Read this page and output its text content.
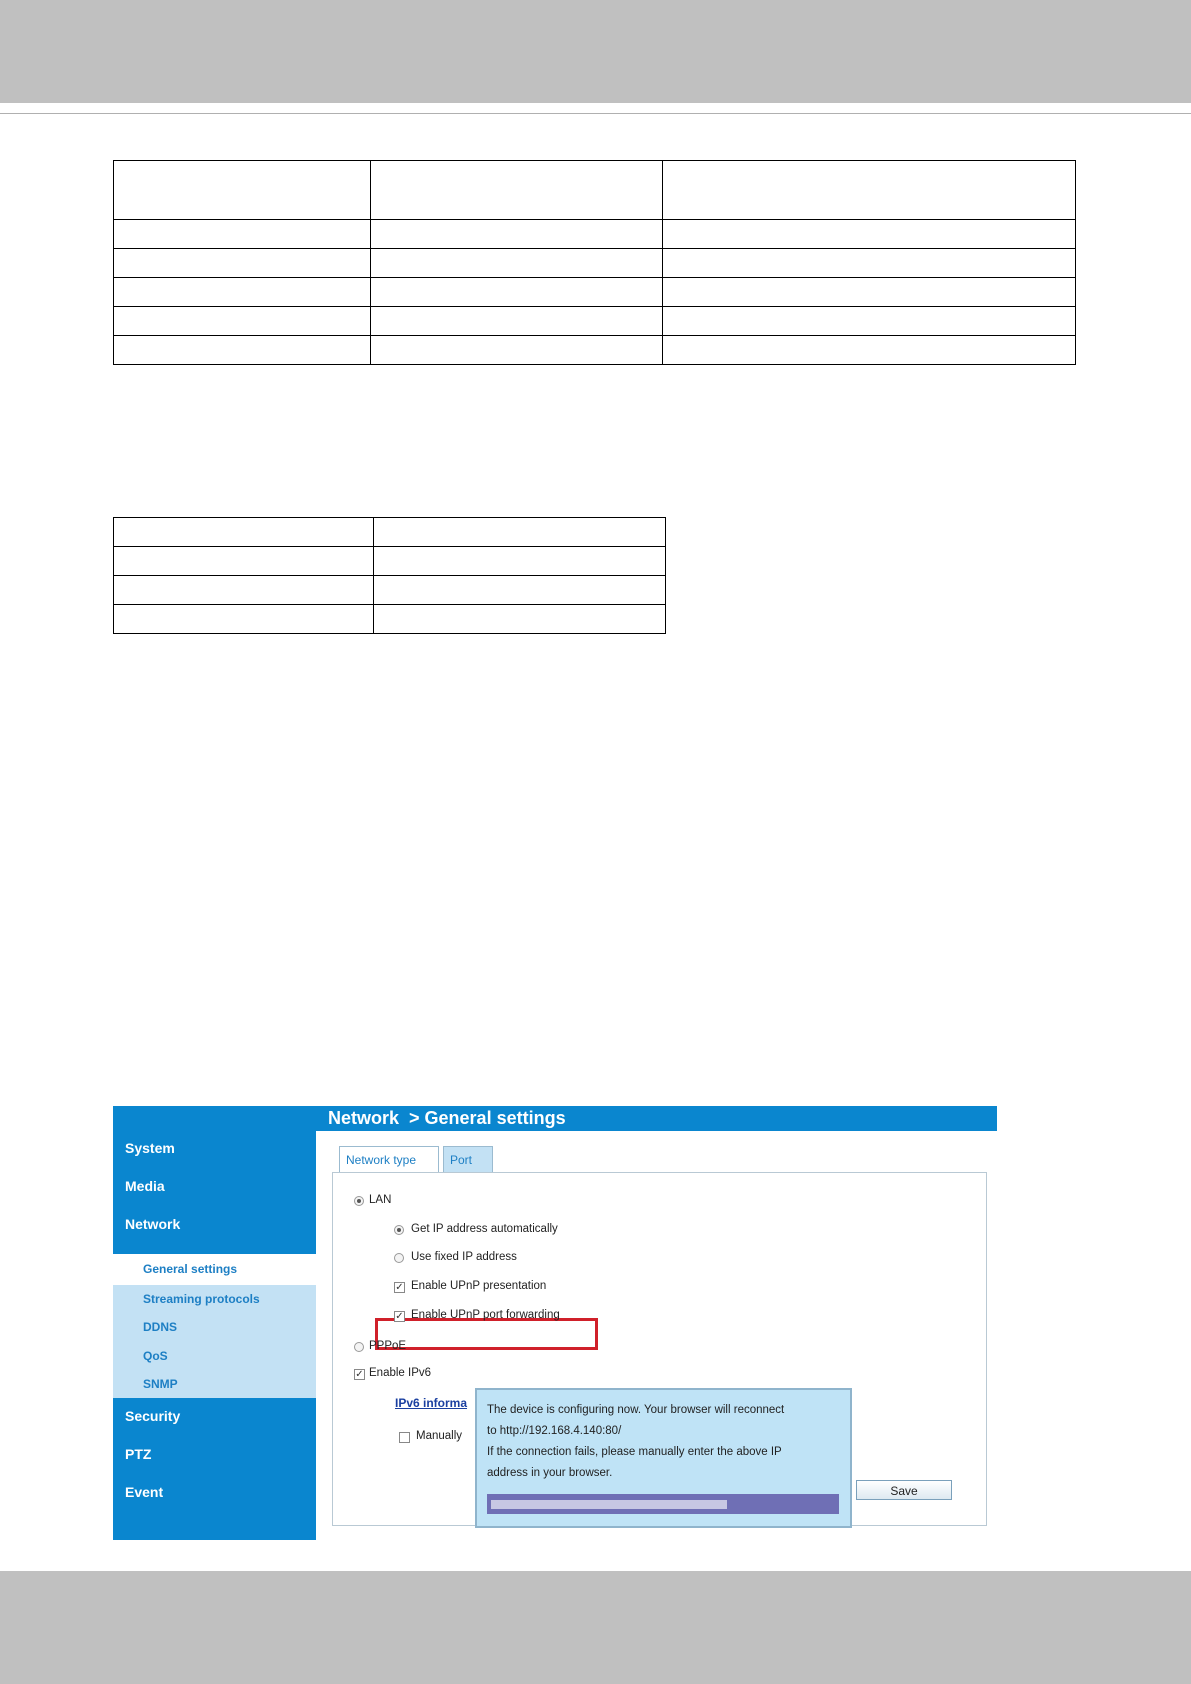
System
Media
Network
General settings
Streaming protocols
DDNS
QoS
SNMP
Security
PTZ
Event
Network  > General settings
Network type	Port
LAN
Get IP address automatically
Use fixed IP address
✓ Enable UPnP presentation
✓ Enable UPnP port forwarding
PPPoE
✓ Enable IPv6
IPv6 informa
Manually
Save
The device is configuring now. Your browser will reconnect
to http://192.168.4.140:80/
If the connection fails, please manually enter the above IP
address in your browser.
